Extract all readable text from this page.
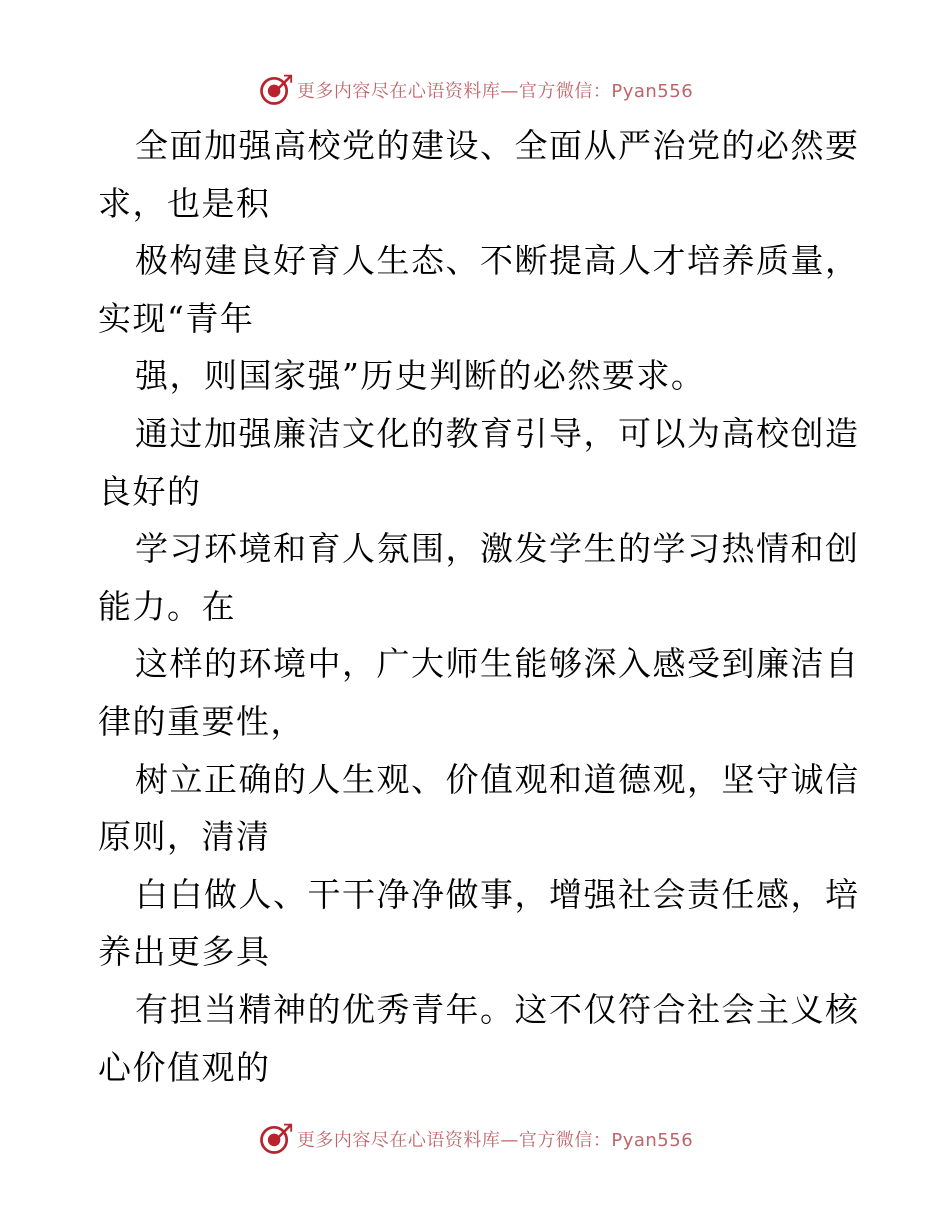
更多内容尽在心语资料库—官方微信：Pyan556
全面加强高校党的建设、全面从严治党的必然要
求，也是积
极构建良好育人生态、不断提高人才培养质量，
实现“青年
强，则国家强”历史判断的必然要求。
通过加强廉洁文化的教育引导，可以为高校创造
良好的
学习环境和育人氛围，激发学生的学习热情和创
能力。在
这样的环境中，广大师生能够深入感受到廉洁自
律的重要性，
树立正确的人生观、价值观和道德观，坚守诚信
原则，清清
白白做人、干干净净做事，增强社会责任感，培
养出更多具
有担当精神的优秀青年。这不仅符合社会主义核
心价值观的
更多内容尽在心语资料库—官方微信：Pyan556
